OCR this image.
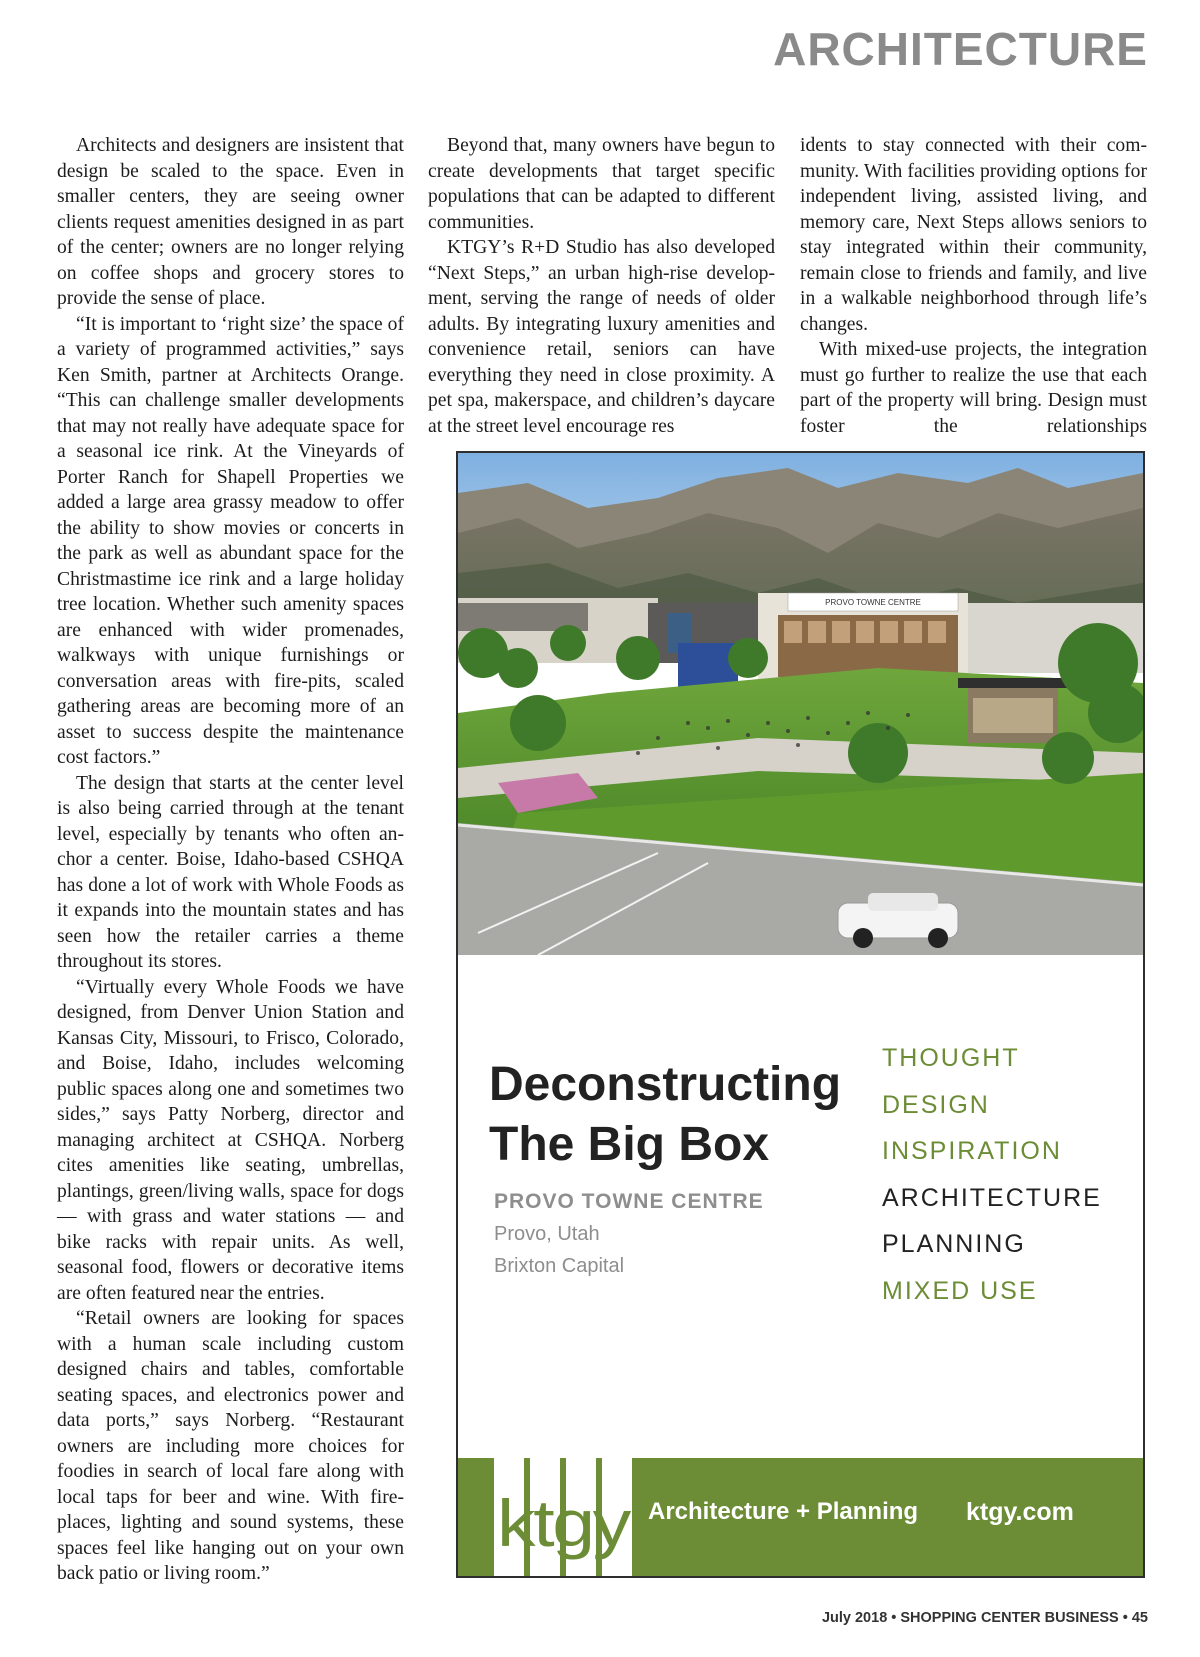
ARCHITECTURE

Architects and designers are insistent that design be scaled to the space. Even in smaller centers, they are seeing owner clients request amenities designed in as part of the center; owners are no longer relying on coffee shops and grocery stores to provide the sense of place.

“It is important to ‘right size’ the space of a variety of programmed activities,” says Ken Smith, partner at Architects Orange. “This can challenge smaller developments that may not really have adequate space for a seasonal ice rink. At the Vineyards of Porter Ranch for Shapell Properties we added a large area grassy meadow to offer the ability to show movies or concerts in the park as well as abundant space for the Christmastime ice rink and a large holiday tree location. Whether such amenity spaces are enhanced with wider promenades, walkways with unique furnishings or conversation areas with fire-pits, scaled gathering areas are becoming more of an asset to success despite the maintenance cost factors.”

The design that starts at the center level is also being carried through at the tenant level, especially by tenants who often anchor a center. Boise, Idaho-based CSHQA has done a lot of work with Whole Foods as it expands into the mountain states and has seen how the retailer carries a theme throughout its stores.

“Virtually every Whole Foods we have designed, from Denver Union Station and Kansas City, Missouri, to Frisco, Colorado, and Boise, Idaho, includes welcoming public spaces along one and sometimes two sides,” says Patty Norberg, director and managing architect at CSHQA. Norberg cites amenities like seating, umbrellas, plantings, green/living walls, space for dogs — with grass and water stations — and bike racks with repair units. As well, seasonal food, flowers or decorative items are often featured near the entries.

“Retail owners are looking for spaces with a human scale including custom designed chairs and tables, comfortable seating spaces, and electronics power and data ports,” says Norberg. “Restaurant owners are including more choices for foodies in search of local fare along with local taps for beer and wine. With fireplaces, lighting and sound systems, these spaces feel like hanging out on your own back patio or living room.”

Beyond that, many owners have begun to create developments that target specific populations that can be adapted to different communities.

KTGY’s R+D Studio has also developed “Next Steps,” an urban high-rise development, serving the range of needs of older adults. By integrating luxury amenities and convenience retail, seniors can have everything they need in close proximity. A pet spa, makerspace, and children’s daycare at the street level encourage res

idents to stay connected with their community. With facilities providing options for independent living, assisted living, and memory care, Next Steps allows seniors to stay integrated within their community, remain close to friends and family, and live in a walkable neighborhood through life’s changes.

With mixed-use projects, the integration must go further to realize the use that each part of the property will bring. Design must foster the relationships

PROVO TOWNE CENTRE
Deconstructing
The Big Box
PROVO TOWNE CENTRE
Provo, Utah
Brixton Capital
THOUGHT
DESIGN
INSPIRATION
ARCHITECTURE
PLANNING
MIXED USE
ktgy Architecture + Planning ktgy.com
July 2018 • SHOPPING CENTER BUSINESS • 45
